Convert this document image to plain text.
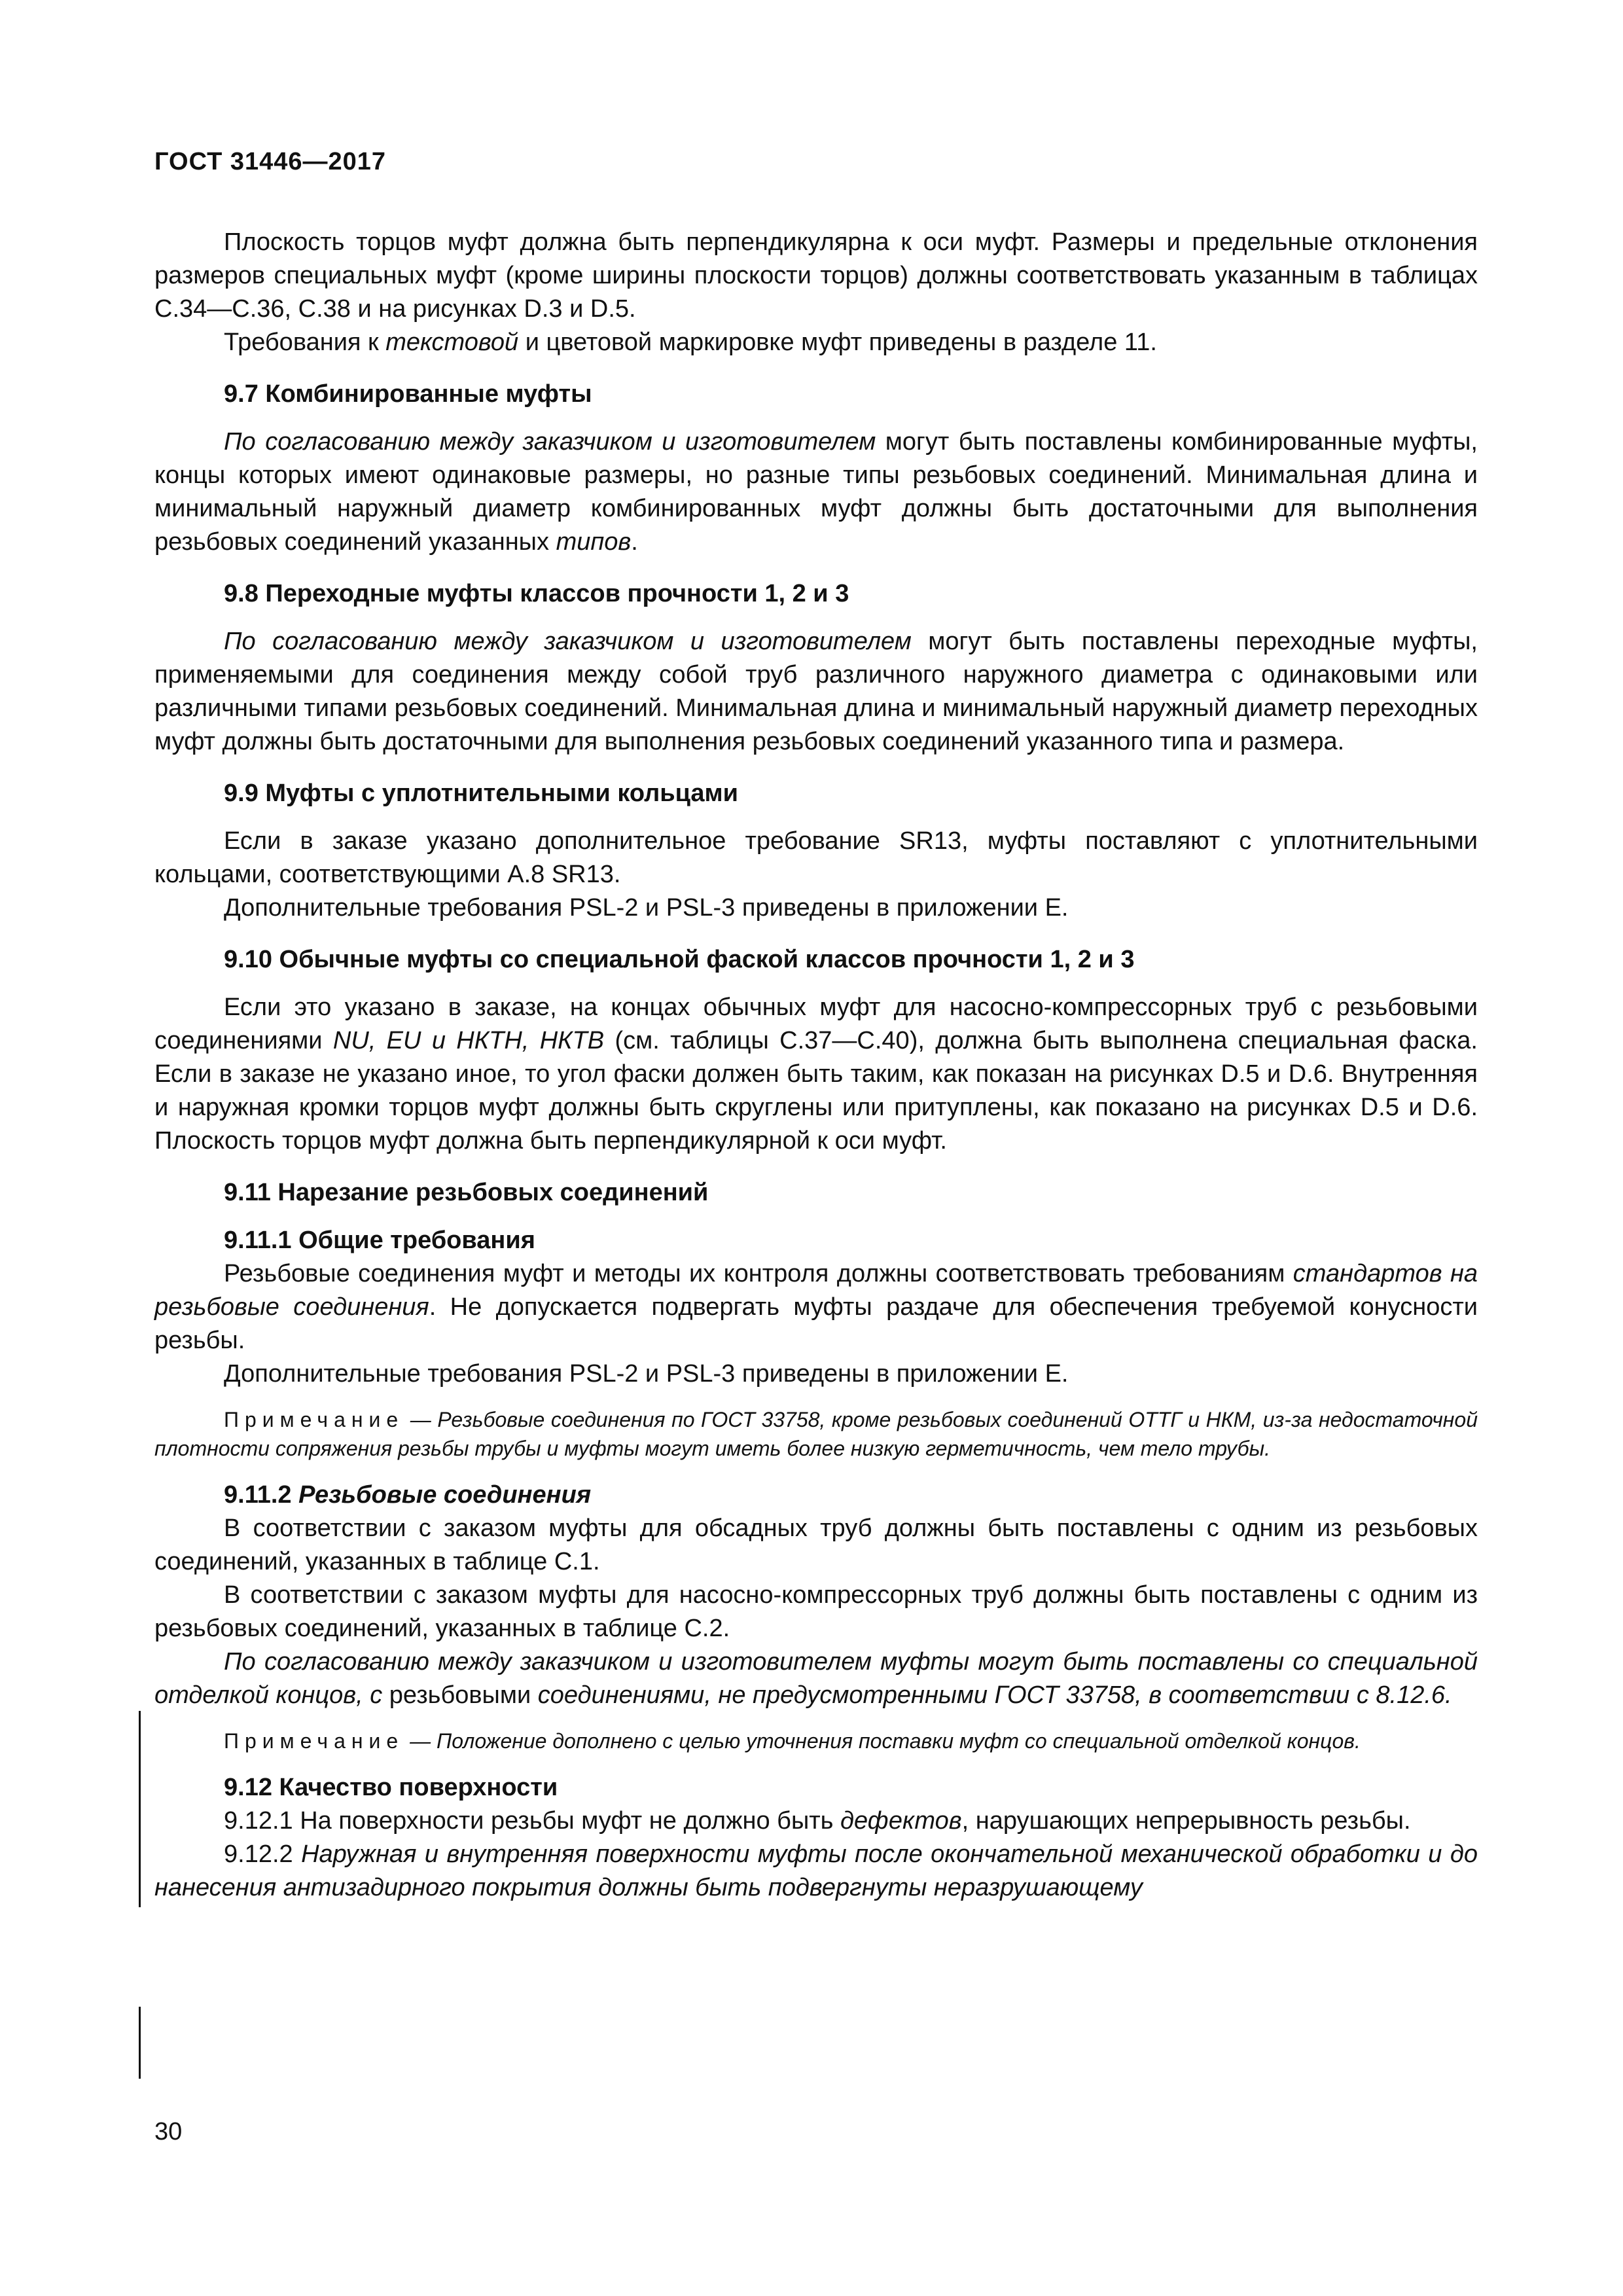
ГОСТ 31446—2017

Плоскость торцов муфт должна быть перпендикулярна к оси муфт. Размеры и предельные отклонения размеров специальных муфт (кроме ширины плоскости торцов) должны соответствовать указанным в таблицах С.34—С.36, С.38 и на рисунках D.3 и D.5.

Требования к текстовой и цветовой маркировке муфт приведены в разделе 11.

9.7 Комбинированные муфты

По согласованию между заказчиком и изготовителем могут быть поставлены комбинированные муфты, концы которых имеют одинаковые размеры, но разные типы резьбовых соединений. Минимальная длина и минимальный наружный диаметр комбинированных муфт должны быть достаточными для выполнения резьбовых соединений указанных типов.

9.8 Переходные муфты классов прочности 1, 2 и 3

По согласованию между заказчиком и изготовителем могут быть поставлены переходные муфты, применяемыми для соединения между собой труб различного наружного диаметра с одинаковыми или различными типами резьбовых соединений. Минимальная длина и минимальный наружный диаметр переходных муфт должны быть достаточными для выполнения резьбовых соединений указанного типа и размера.

9.9 Муфты с уплотнительными кольцами

Если в заказе указано дополнительное требование SR13, муфты поставляют с уплотнительными кольцами, соответствующими А.8 SR13.

Дополнительные требования PSL-2 и PSL-3 приведены в приложении Е.

9.10 Обычные муфты со специальной фаской классов прочности 1, 2 и 3

Если это указано в заказе, на концах обычных муфт для насосно-компрессорных труб с резьбовыми соединениями NU, EU и НКТН, НКТВ (см. таблицы С.37—С.40), должна быть выполнена специальная фаска. Если в заказе не указано иное, то угол фаски должен быть таким, как показан на рисунках D.5 и D.6. Внутренняя и наружная кромки торцов муфт должны быть скруглены или притуплены, как показано на рисунках D.5 и D.6. Плоскость торцов муфт должна быть перпендикулярной к оси муфт.

9.11 Нарезание резьбовых соединений
9.11.1 Общие требования

Резьбовые соединения муфт и методы их контроля должны соответствовать требованиям стандартов на резьбовые соединения. Не допускается подвергать муфты раздаче для обеспечения требуемой конусности резьбы.

Дополнительные требования PSL-2 и PSL-3 приведены в приложении Е.

Примечание — Резьбовые соединения по ГОСТ 33758, кроме резьбовых соединений ОТТГ и НКМ, из-за недостаточной плотности сопряжения резьбы трубы и муфты могут иметь более низкую герметичность, чем тело трубы.
9.11.2 Резьбовые соединения

В соответствии с заказом муфты для обсадных труб должны быть поставлены с одним из резьбовых соединений, указанных в таблице С.1.

В соответствии с заказом муфты для насосно-компрессорных труб должны быть поставлены с одним из резьбовых соединений, указанных в таблице С.2.

По согласованию между заказчиком и изготовителем муфты могут быть поставлены со специальной отделкой концов, с резьбовыми соединениями, не предусмотренными ГОСТ 33758, в соответствии с 8.12.6.

Примечание — Положение дополнено с целью уточнения поставки муфт со специальной отделкой концов.
9.12 Качество поверхности

9.12.1 На поверхности резьбы муфт не должно быть дефектов, нарушающих непрерывность резьбы.

9.12.2 Наружная и внутренняя поверхности муфты после окончательной механической обработки и до нанесения антизадирного покрытия должны быть подвергнуты неразрушающему

30
